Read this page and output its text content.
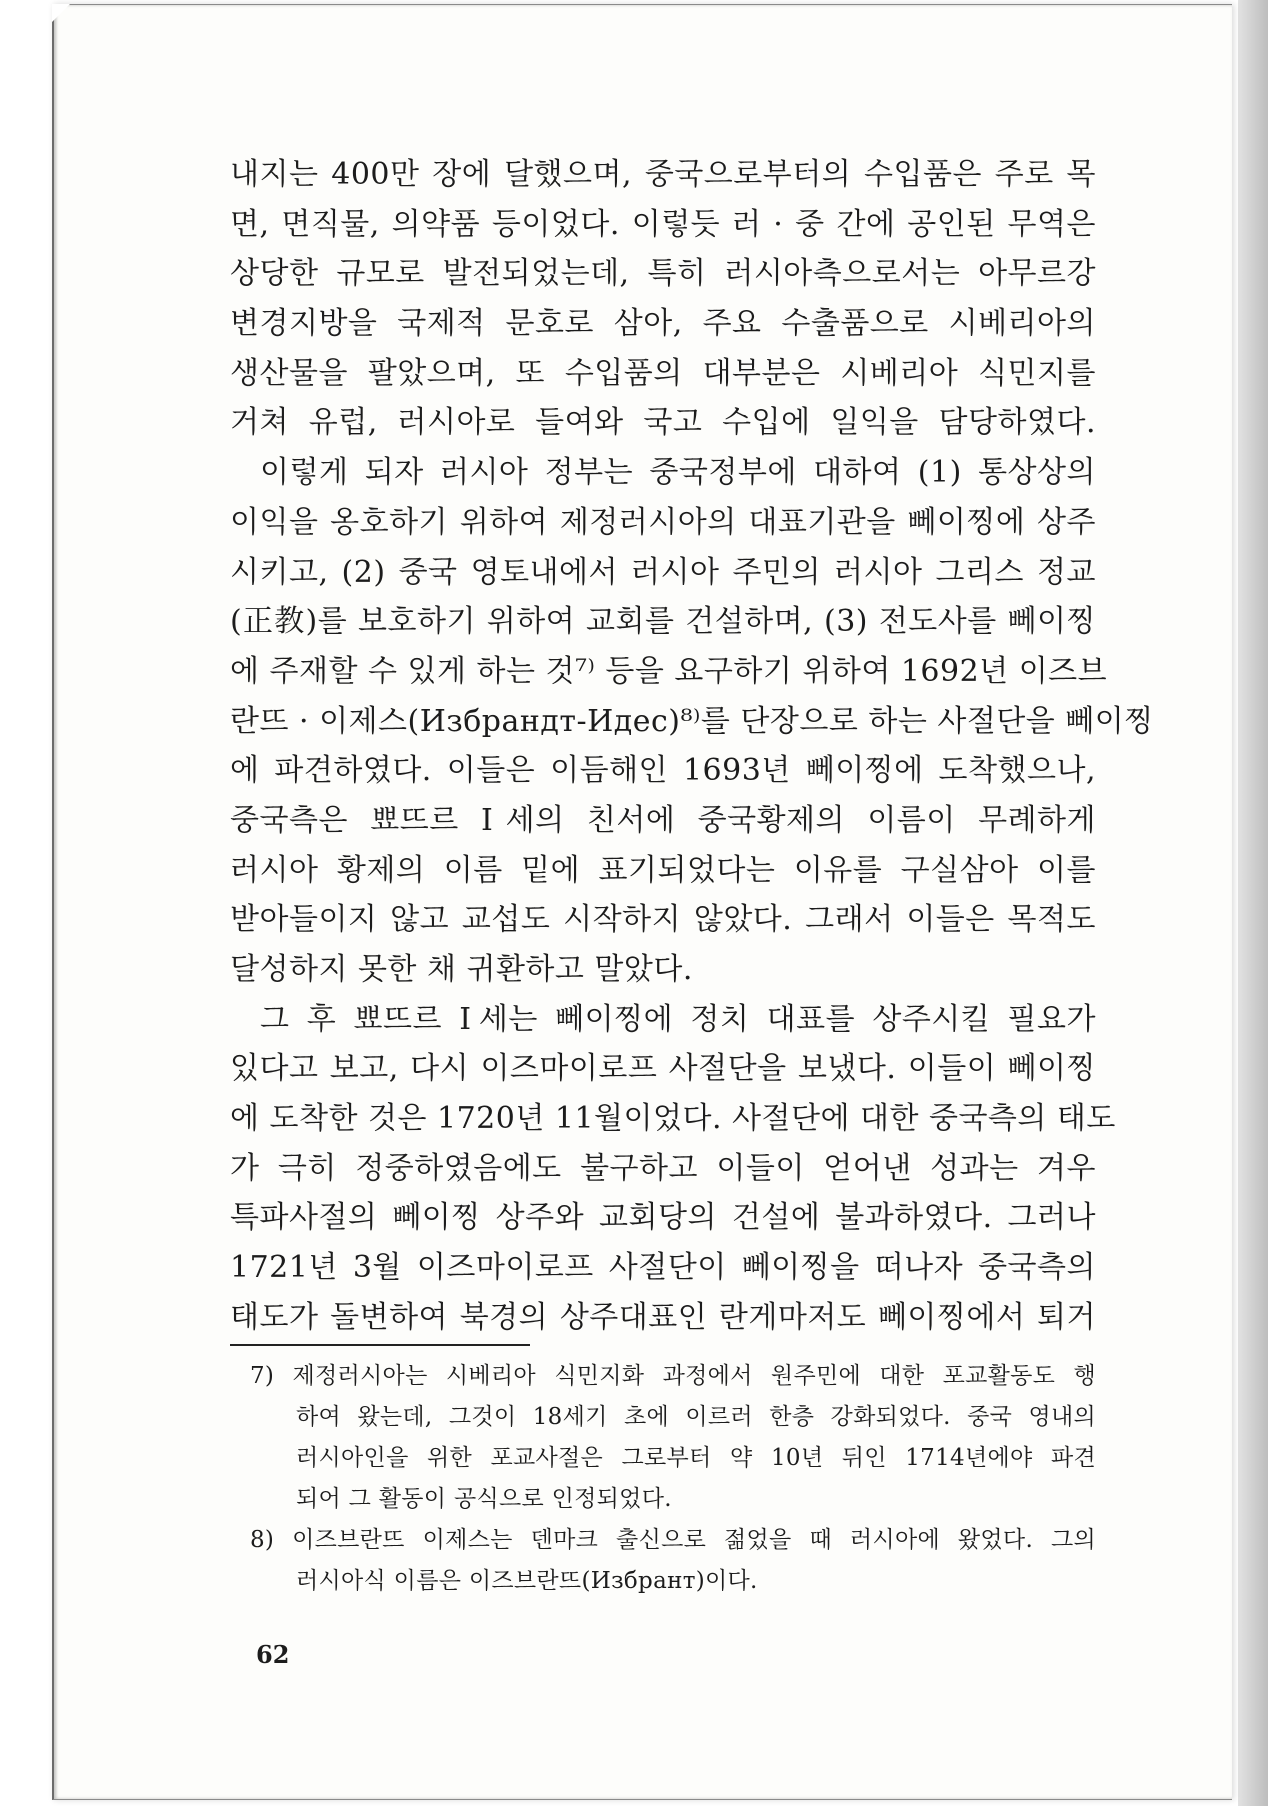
내지는 400만 장에 달했으며, 중국으로부터의 수입품은 주로 목
면, 면직물, 의약품 등이었다. 이렇듯 러 · 중 간에 공인된 무역은
상당한 규모로 발전되었는데, 특히 러시아측으로서는 아무르강
변경지방을 국제적 문호로 삼아, 주요 수출품으로 시베리아의
생산물을 팔았으며, 또 수입품의 대부분은 시베리아 식민지를
거쳐 유럽, 러시아로 들여와 국고 수입에 일익을 담당하였다.
이렇게 되자 러시아 정부는 중국정부에 대하여 (1) 통상상의
이익을 옹호하기 위하여 제정러시아의 대표기관을 뻬이찡에 상주
시키고, (2) 중국 영토내에서 러시아 주민의 러시아 그리스 정교
(正教)를 보호하기 위하여 교회를 건설하며, (3) 전도사를 뻬이찡
에 주재할 수 있게 하는 것⁷⁾ 등을 요구하기 위하여 1692년 이즈브
란뜨 · 이제스(Избрандт-Идес)⁸⁾를 단장으로 하는 사절단을 뻬이찡
에 파견하였다. 이들은 이듬해인 1693년 뻬이찡에 도착했으나,
중국측은 뾰뜨르 Ⅰ세의 친서에 중국황제의 이름이 무례하게
러시아 황제의 이름 밑에 표기되었다는 이유를 구실삼아 이를
받아들이지 않고 교섭도 시작하지 않았다. 그래서 이들은 목적도
달성하지 못한 채 귀환하고 말았다.
그 후 뾰뜨르 Ⅰ세는 뻬이찡에 정치 대표를 상주시킬 필요가
있다고 보고, 다시 이즈마이로프 사절단을 보냈다. 이들이 뻬이찡
에 도착한 것은 1720년 11월이었다. 사절단에 대한 중국측의 태도
가 극히 정중하였음에도 불구하고 이들이 얻어낸 성과는 겨우
특파사절의 뻬이찡 상주와 교회당의 건설에 불과하였다. 그러나
1721년 3월 이즈마이로프 사절단이 뻬이찡을 떠나자 중국측의
태도가 돌변하여 북경의 상주대표인 란게마저도 뻬이찡에서 퇴거
7) 제정러시아는 시베리아 식민지화 과정에서 원주민에 대한 포교활동도 행
하여 왔는데, 그것이 18세기 초에 이르러 한층 강화되었다. 중국 영내의
러시아인을 위한 포교사절은 그로부터 약 10년 뒤인 1714년에야 파견
되어 그 활동이 공식으로 인정되었다.
8) 이즈브란뜨 이제스는 덴마크 출신으로 젊었을 때 러시아에 왔었다. 그의
러시아식 이름은 이즈브란뜨(Избрант)이다.
62
